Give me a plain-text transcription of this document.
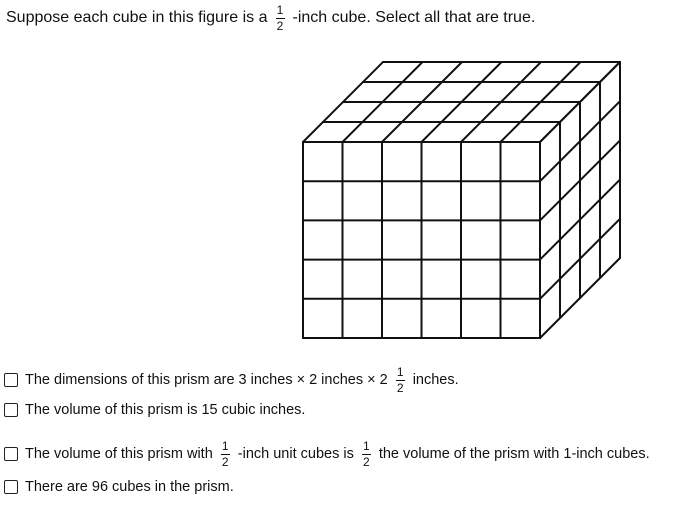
Suppose each cube in this figure is a $\frac{1}{2}$ -inch cube. Select all that are true.
The dimensions of this prism are 3 inches × 2 inches × $2 \frac{1}{2}$ inches.
The volume of this prism is 15 cubic inches.
The volume of this prism with $\frac{1}{2}$ -inch unit cubes is $\frac{1}{2}$ the volume of the prism with 1-inch cubes.
There are 96 cubes in the prism.
